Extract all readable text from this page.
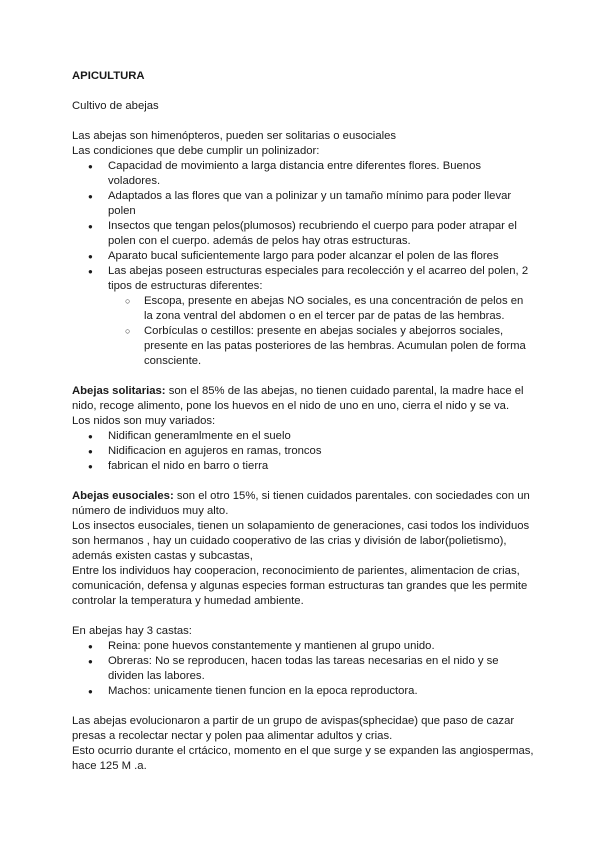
APICULTURA

Cultivo de abejas

Las abejas son himenópteros, pueden ser solitarias o eusociales

Las condiciones que debe cumplir un polinizador:

● Capacidad de movimiento a larga distancia entre diferentes flores. Buenos voladores.
● Adaptados a las flores que van a polinizar y un tamaño mínimo para poder llevar polen
● Insectos que tengan pelos(plumosos) recubriendo el cuerpo para poder atrapar el polen con el cuerpo. además de pelos hay otras estructuras.
● Aparato bucal suficientemente largo para poder alcanzar el polen de las flores
● Las abejas poseen estructuras especiales para recolección y el acarreo del polen, 2 tipos de estructuras diferentes:
○ Escopa, presente en abejas NO sociales, es una concentración de pelos en la zona ventral del abdomen o en el tercer par de patas de las hembras.
○ Corbículas o cestillos: presente en abejas sociales y abejorros sociales, presente en las patas posteriores de las hembras. Acumulan polen de forma consciente.

Abejas solitarias: son el 85% de las abejas, no tienen cuidado parental, la madre hace el nido, recoge alimento, pone los huevos en el nido de uno en uno, cierra el nido y se va.

Los nidos son muy variados:

● Nidifican generamlmente en el suelo
● Nidificacion en agujeros en ramas, troncos
● fabrican el nido en barro o tierra

Abejas eusociales: son el otro 15%, si tienen cuidados parentales. con sociedades con un número de individuos muy alto.

Los insectos eusociales, tienen un solapamiento de generaciones, casi todos los individuos son hermanos , hay un cuidado cooperativo de las crias y división de labor(polietismo), además existen castas y subcastas,

Entre los individuos hay cooperacion, reconocimiento de parientes, alimentacion de crias, comunicación, defensa y algunas especies forman estructuras tan grandes que les permite controlar la temperatura y humedad ambiente.

En abejas hay 3 castas:

● Reina: pone huevos constantemente y mantienen al grupo unido.
● Obreras: No se reproducen, hacen todas las tareas necesarias en el nido y se dividen las labores.
● Machos: unicamente tienen funcion en la epoca reproductora.

Las abejas evolucionaron a partir de un grupo de avispas(sphecidae) que paso de cazar presas a recolectar nectar y polen paa alimentar adultos y crias.

Esto ocurrio durante el crtácico, momento en el que surge y se expanden las angiospermas, hace 125 M .a.
